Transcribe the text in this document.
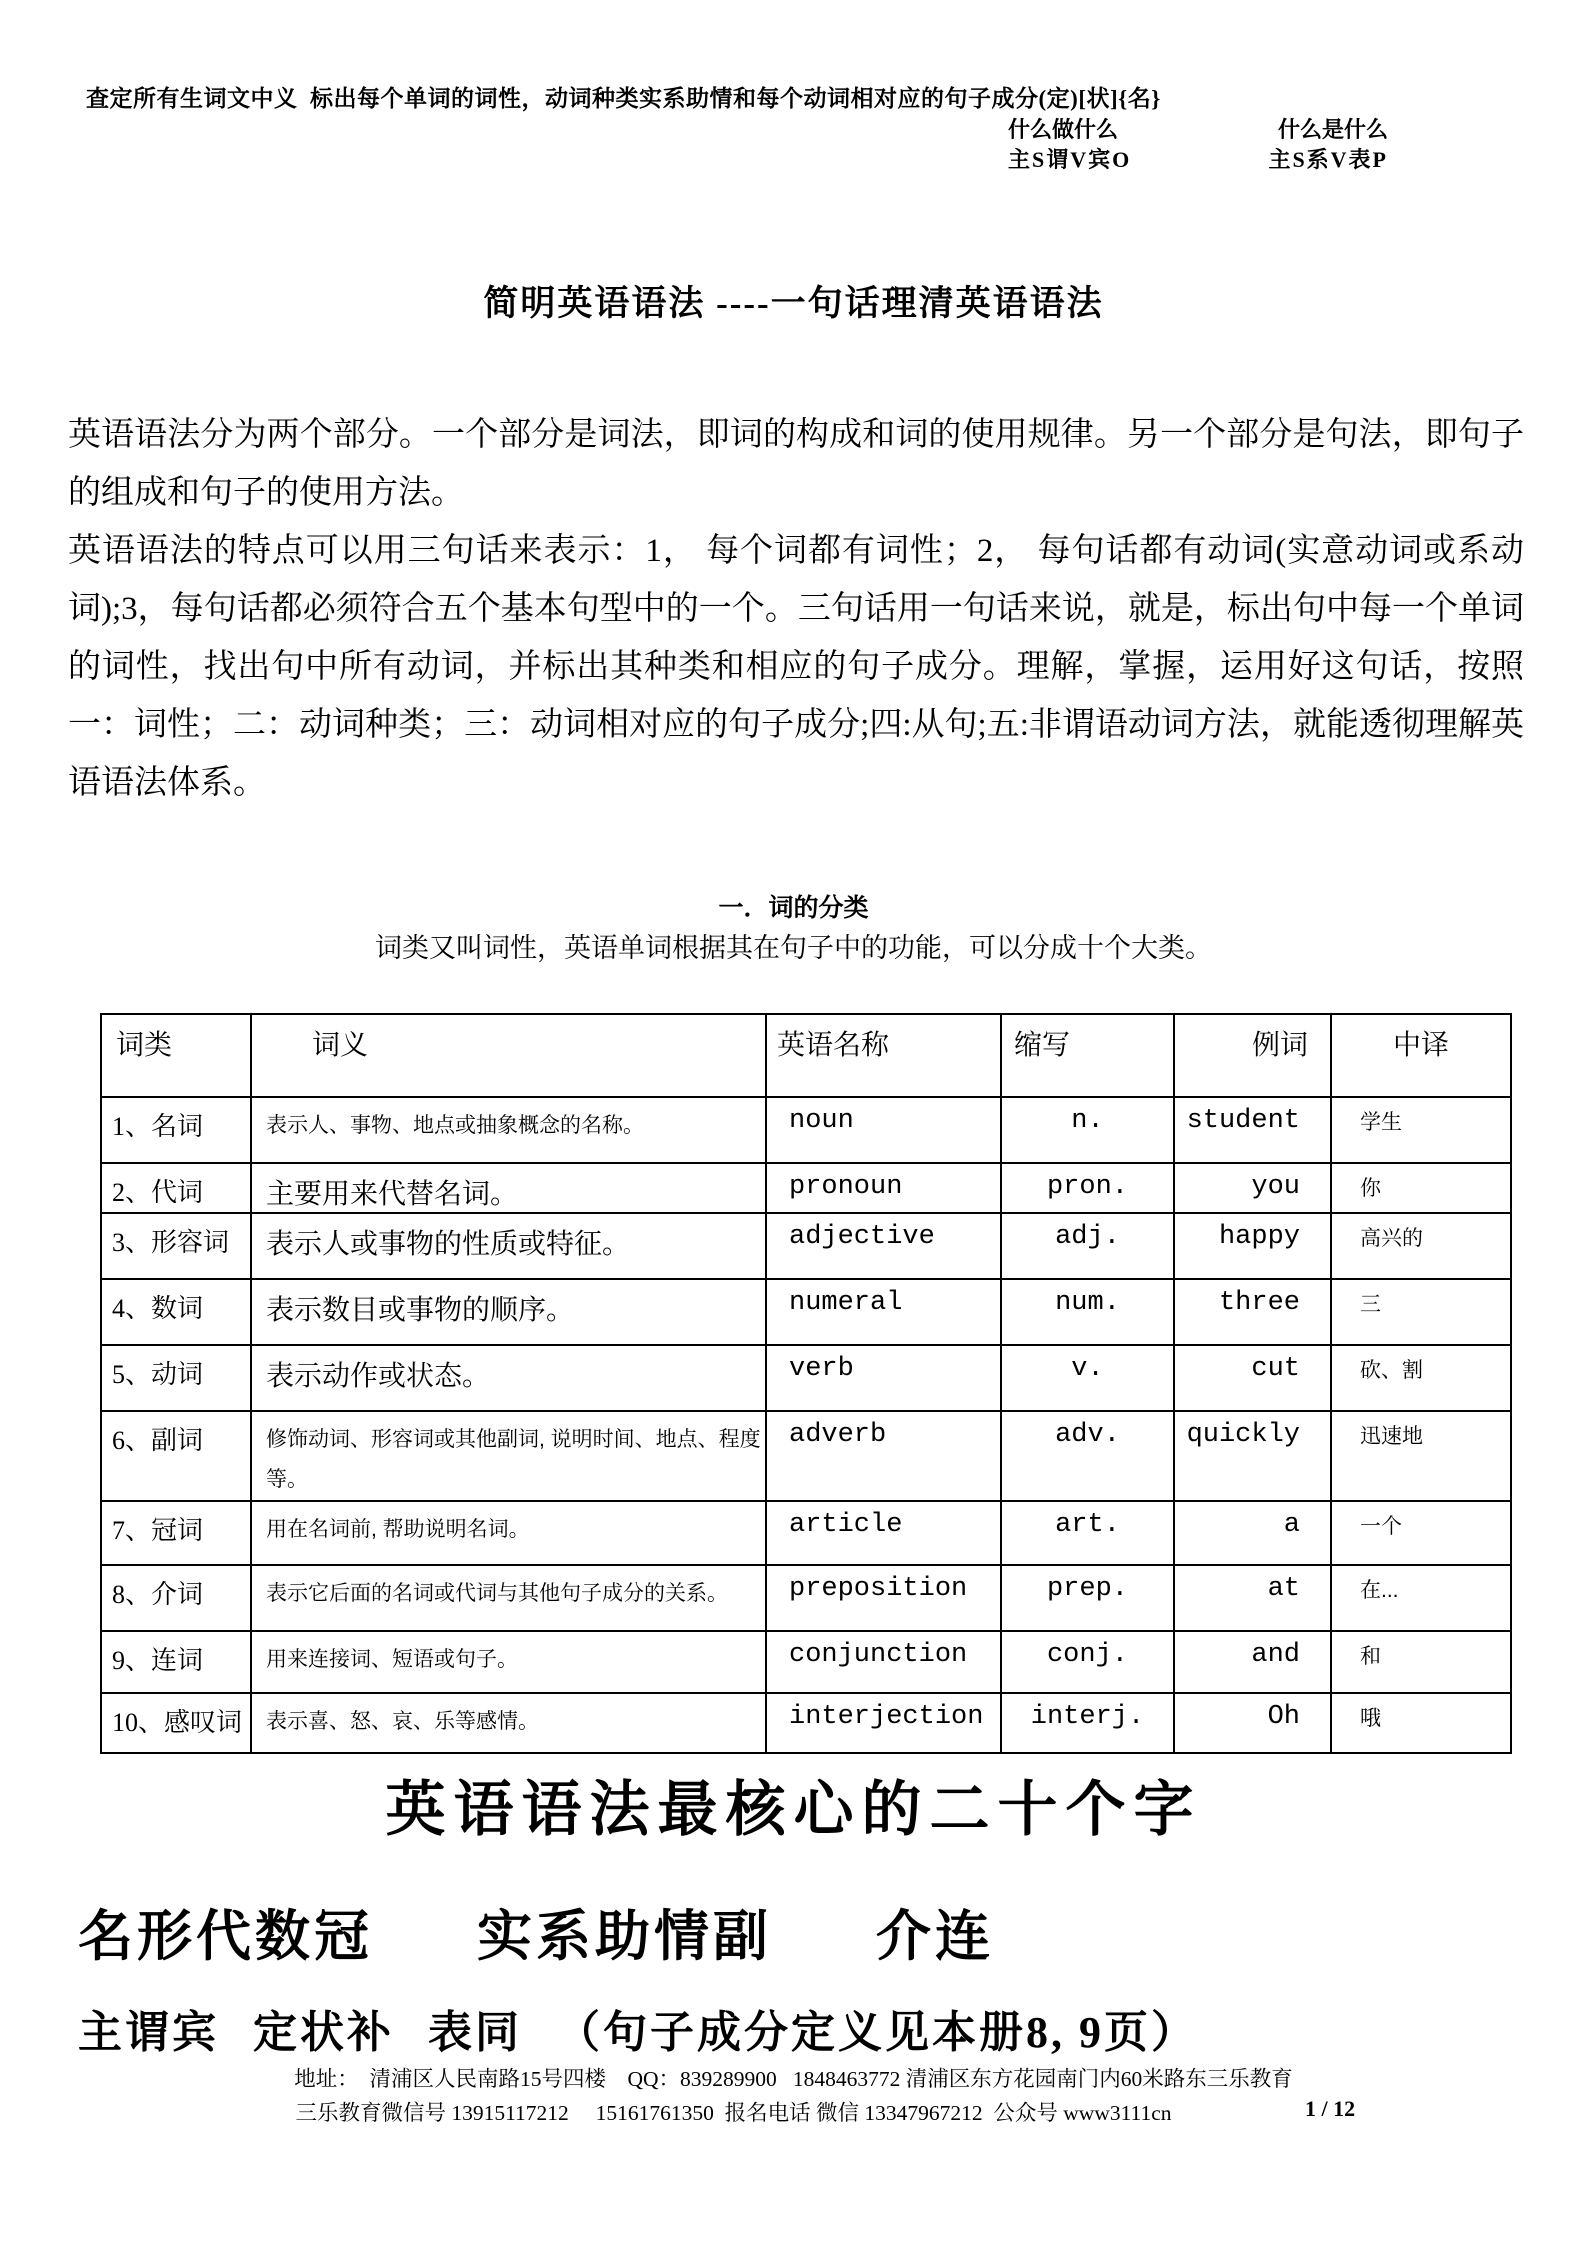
查定所有生词文中义  标出每个单词的词性，动词种类实系助情和每个动词相对应的句子成分(定)[状]{名}
什么做什么	什么是什么
主S谓V宾O	主S系V表P
简明英语语法 ----一句话理清英语语法

英语语法分为两个部分。一个部分是词法，即词的构成和词的使用规律。另一个部分是句法，即句子的组成和句子的使用方法。

英语语法的特点可以用三句话来表示：1， 每个词都有词性；2， 每句话都有动词(实意动词或系动词);3，每句话都必须符合五个基本句型中的一个。三句话用一句话来说，就是，标出句中每一个单词的词性，找出句中所有动词，并标出其种类和相应的句子成分。理解，掌握，运用好这句话，按照一：词性；二：动词种类；三：动词相对应的句子成分;四:从句;五:非谓语动词方法，就能透彻理解英语语法体系。

一．词的分类
词类又叫词性，英语单词根据其在句子中的功能，可以分成十个大类。
词类	词义	英语名称	缩写	例词	中译
1、名词	表示人、事物、地点或抽象概念的名称。	noun	n.	student	学生
2、代词	主要用来代替名词。	pronoun	pron.	you	你
3、形容词	表示人或事物的性质或特征。	adjective	adj.	happy	高兴的
4、数词	表示数目或事物的顺序。	numeral	num.	three	三
5、动词	表示动作或状态。	verb	v.	cut	砍、割
6、副词	修饰动词、形容词或其他副词, 说明时间、地点、程度等。	adverb	adv.	quickly	迅速地
7、冠词	用在名词前, 帮助说明名词。	article	art.	a	一个
8、介词	表示它后面的名词或代词与其他句子成分的关系。	preposition	prep.	at	在...
9、连词	用来连接词、短语或句子。	conjunction	conj.	and	和
10、感叹词	表示喜、怒、哀、乐等感情。	interjection	interj.	Oh	哦
英语语法最核心的二十个字
名形代数冠 实系助情副 介连
主谓宾 定状补 表同 （句子成分定义见本册8, 9页）
地址：  清浦区人民南路15号四楼    QQ：839289900   1848463772 清浦区东方花园南门内60米路东三乐教育
三乐教育微信号 13915117212     15161761350  报名电话 微信 13347967212  公众号 www3111cn	1 / 12
